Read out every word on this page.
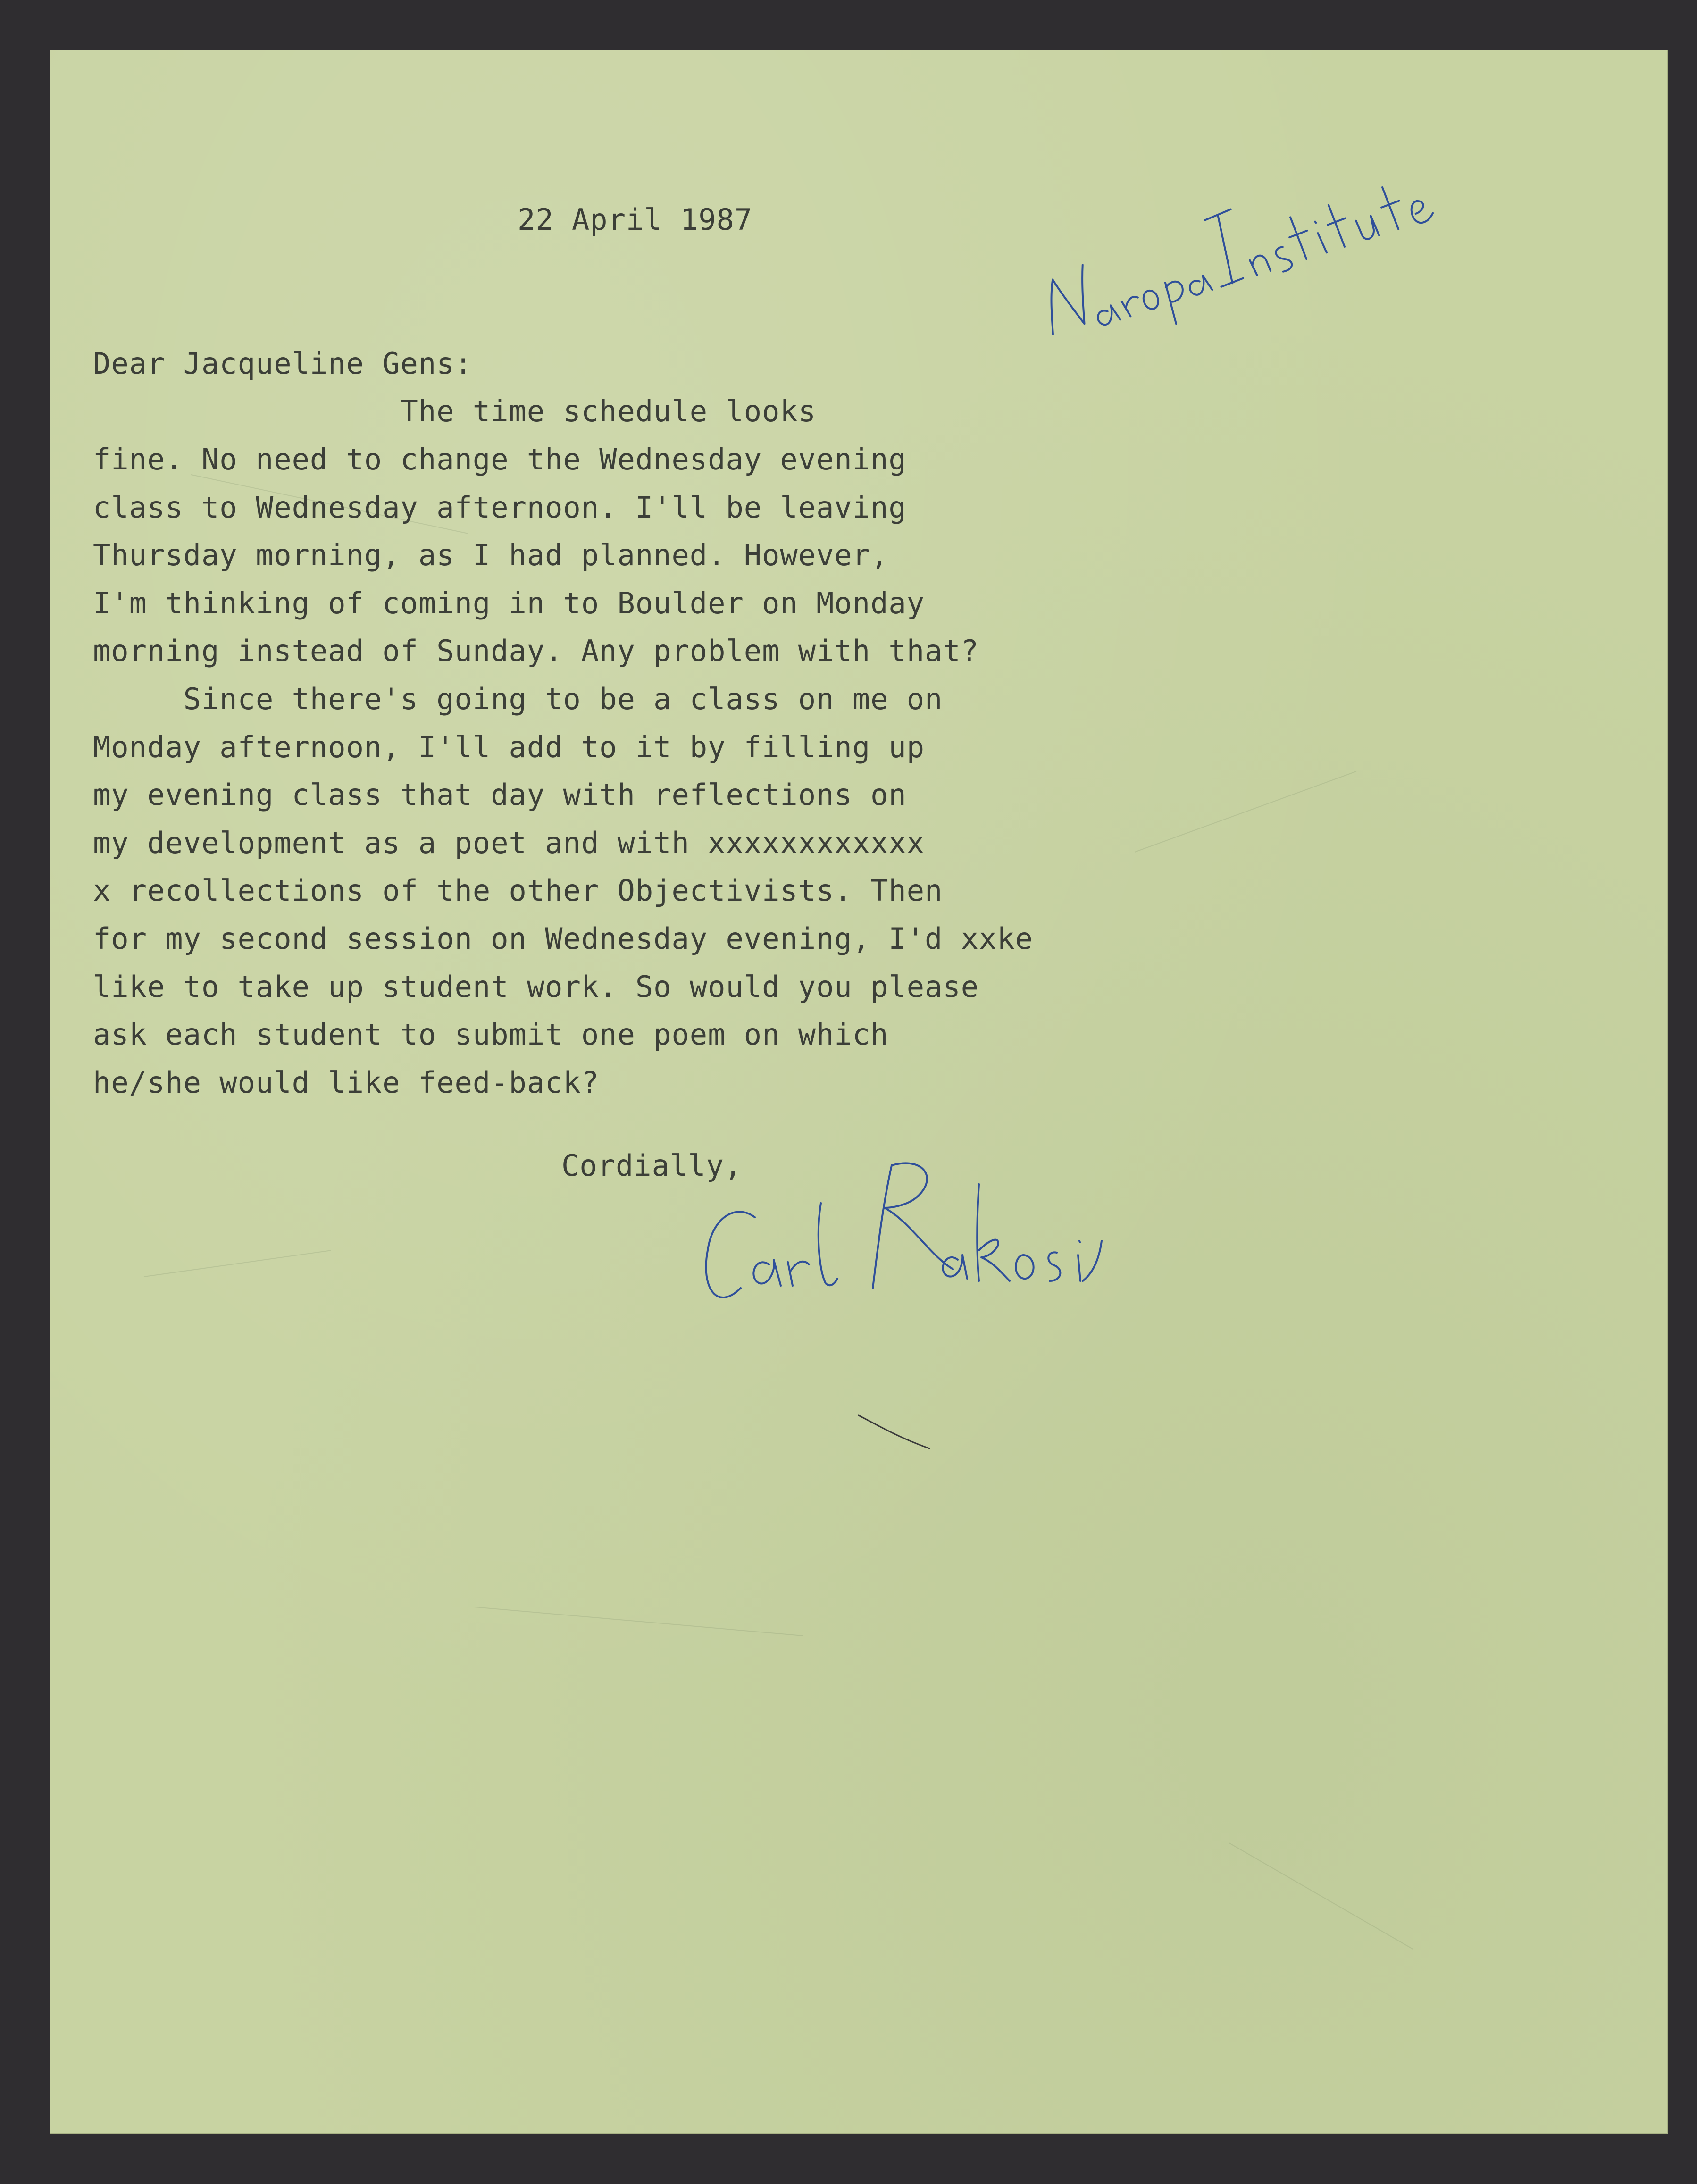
22 April 1987
Dear Jacqueline Gens:
The time schedule looks
fine. No need to change the Wednesday evening
class to Wednesday afternoon. I'll be leaving
Thursday morning, as I had planned. However,
I'm thinking of coming in to Boulder on Monday
morning instead of Sunday. Any problem with that?
Since there's going to be a class on me on
Monday afternoon, I'll add to it by filling up
my evening class that day with reflections on
my development as a poet and with xxxxxxxxxxxx
x recollections of the other Objectivists. Then
for my second session on Wednesday evening, I'd xxke
like to take up student work. So would you please
ask each student to submit one poem on which
he/she would like feed-back?
Cordially,
